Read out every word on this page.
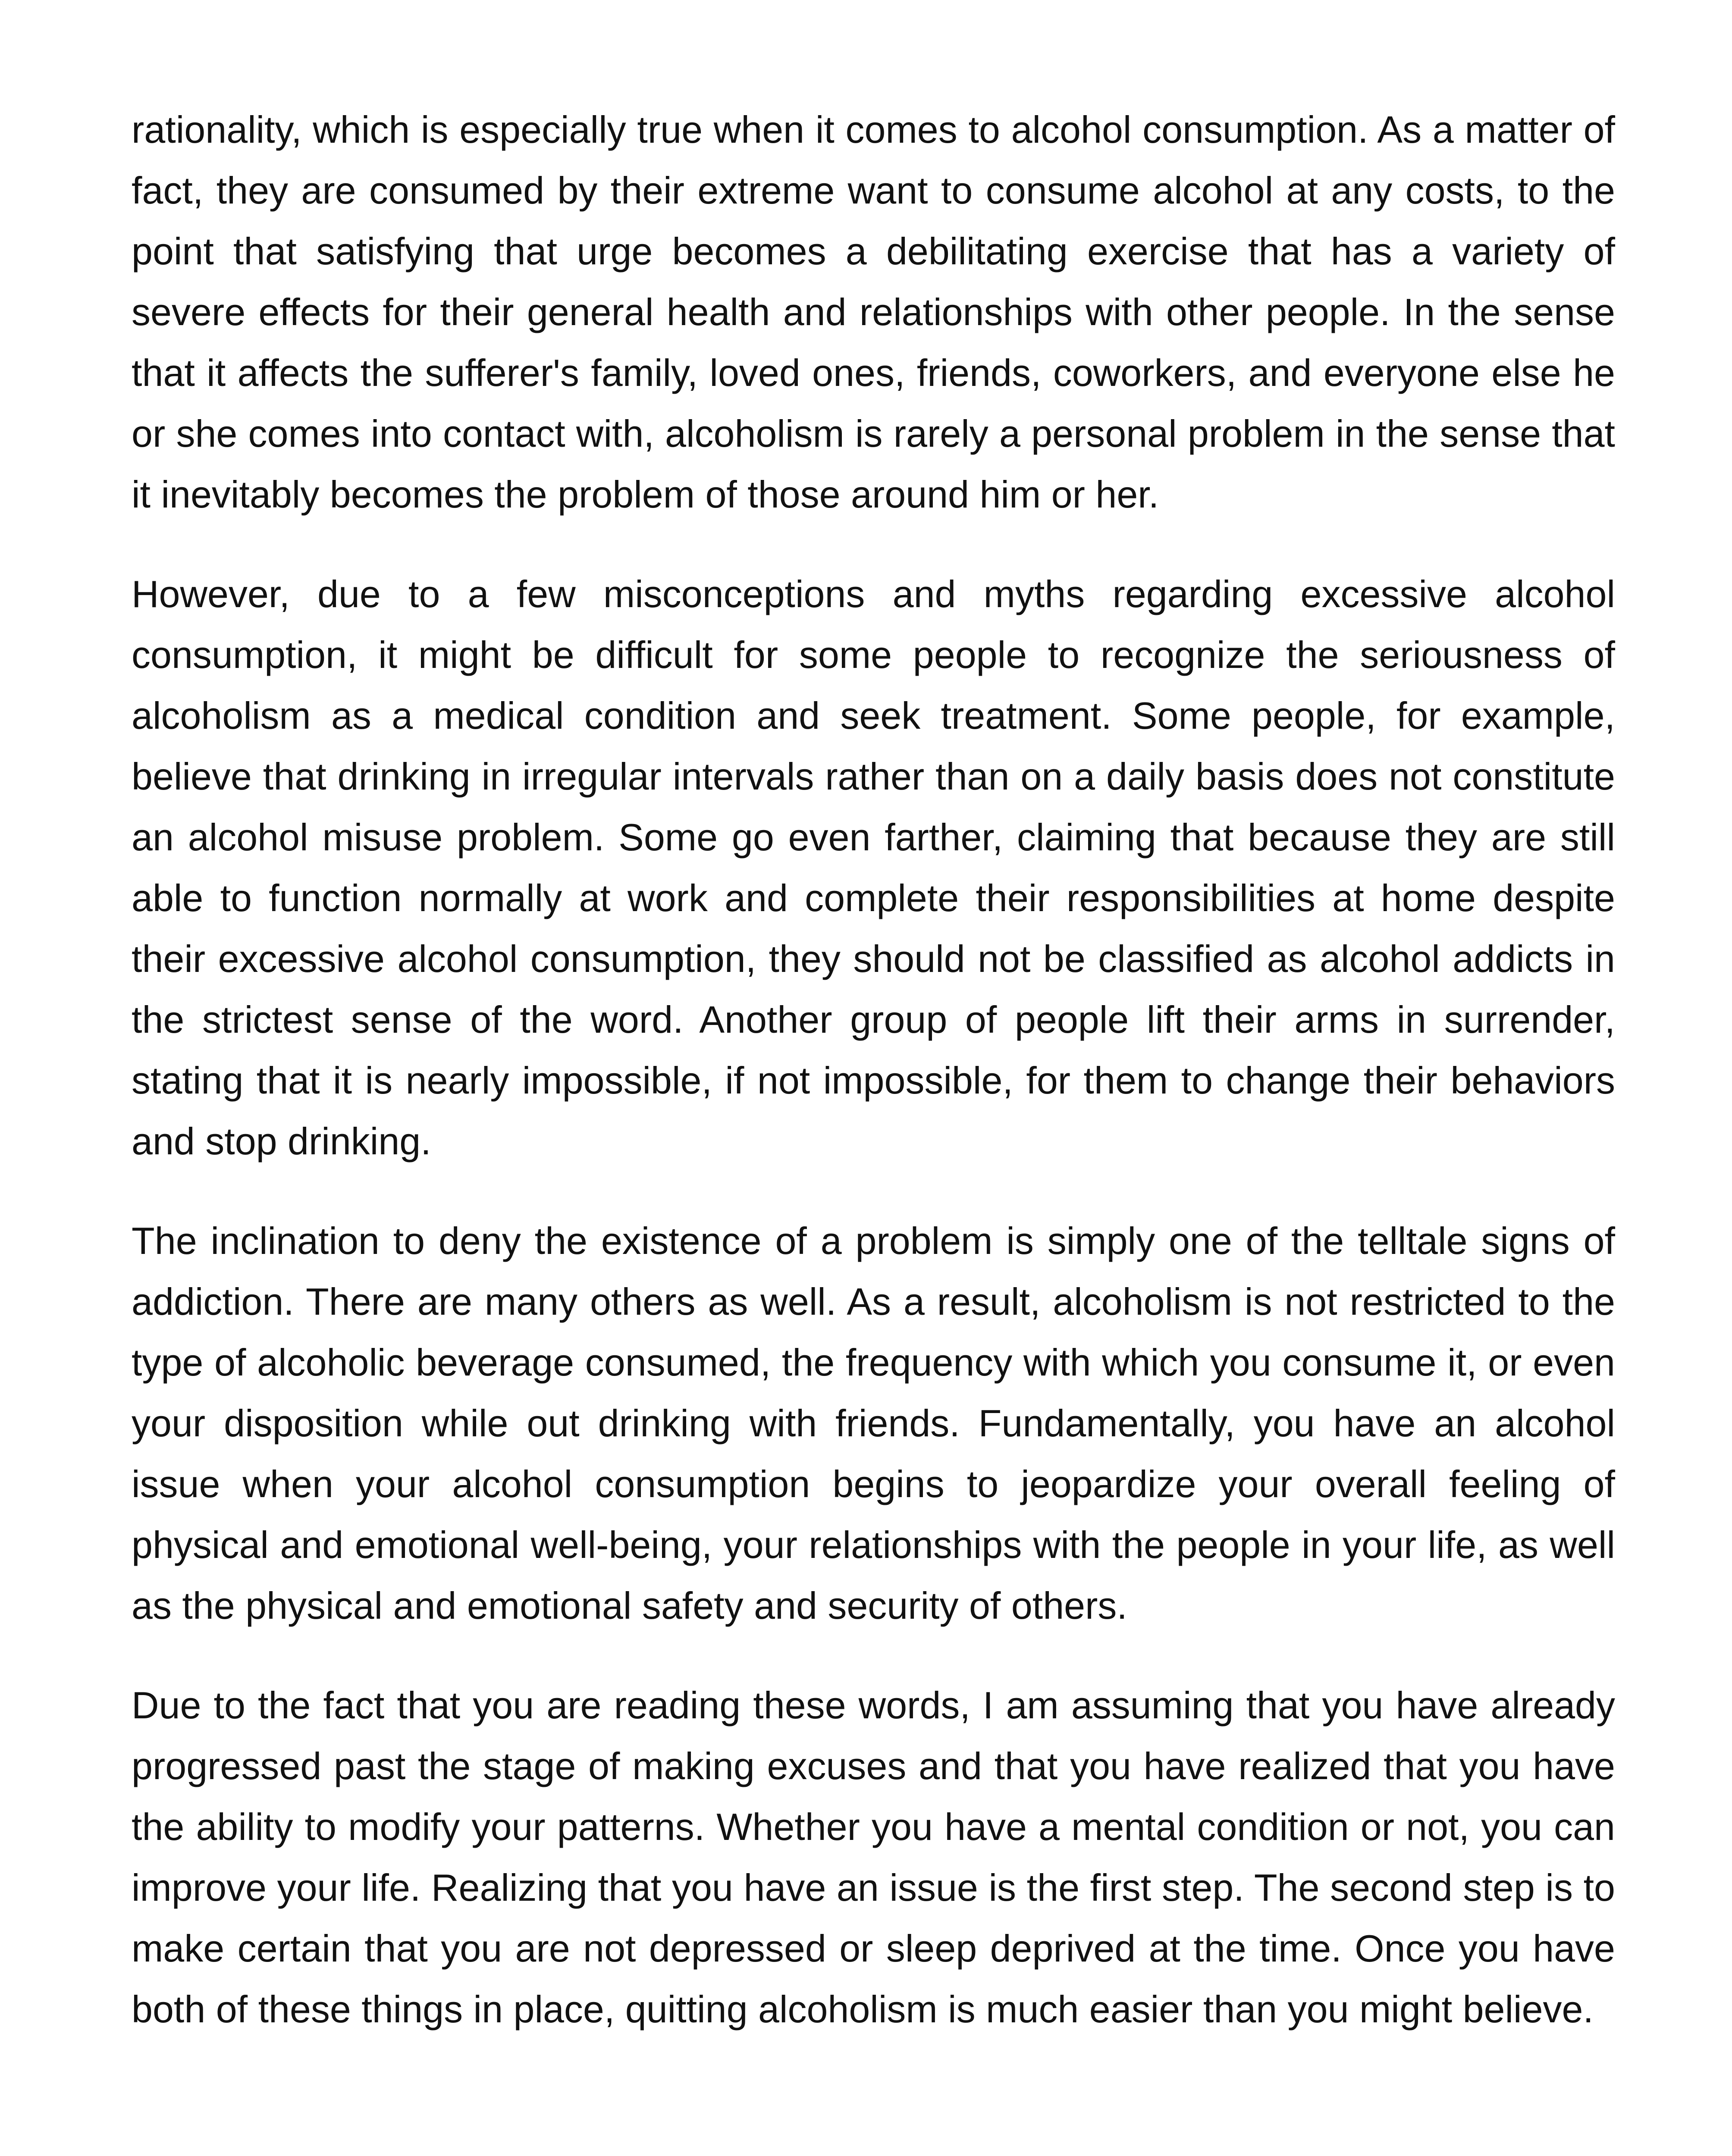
rationality, which is especially true when it comes to alcohol consumption. As a matter of fact, they are consumed by their extreme want to consume alcohol at any costs, to the point that satisfying that urge becomes a debilitating exercise that has a variety of severe effects for their general health and relationships with other people. In the sense that it affects the sufferer's family, loved ones, friends, coworkers, and everyone else he or she comes into contact with, alcoholism is rarely a personal problem in the sense that it inevitably becomes the problem of those around him or her.

However, due to a few misconceptions and myths regarding excessive alcohol consumption, it might be difficult for some people to recognize the seriousness of alcoholism as a medical condition and seek treatment. Some people, for example, believe that drinking in irregular intervals rather than on a daily basis does not constitute an alcohol misuse problem. Some go even farther, claiming that because they are still able to function normally at work and complete their responsibilities at home despite their excessive alcohol consumption, they should not be classified as alcohol addicts in the strictest sense of the word. Another group of people lift their arms in surrender, stating that it is nearly impossible, if not impossible, for them to change their behaviors and stop drinking.

The inclination to deny the existence of a problem is simply one of the telltale signs of addiction. There are many others as well. As a result, alcoholism is not restricted to the type of alcoholic beverage consumed, the frequency with which you consume it, or even your disposition while out drinking with friends. Fundamentally, you have an alcohol issue when your alcohol consumption begins to jeopardize your overall feeling of physical and emotional well-being, your relationships with the people in your life, as well as the physical and emotional safety and security of others.

Due to the fact that you are reading these words, I am assuming that you have already progressed past the stage of making excuses and that you have realized that you have the ability to modify your patterns. Whether you have a mental condition or not, you can improve your life. Realizing that you have an issue is the first step. The second step is to make certain that you are not depressed or sleep deprived at the time. Once you have both of these things in place, quitting alcoholism is much easier than you might believe.
